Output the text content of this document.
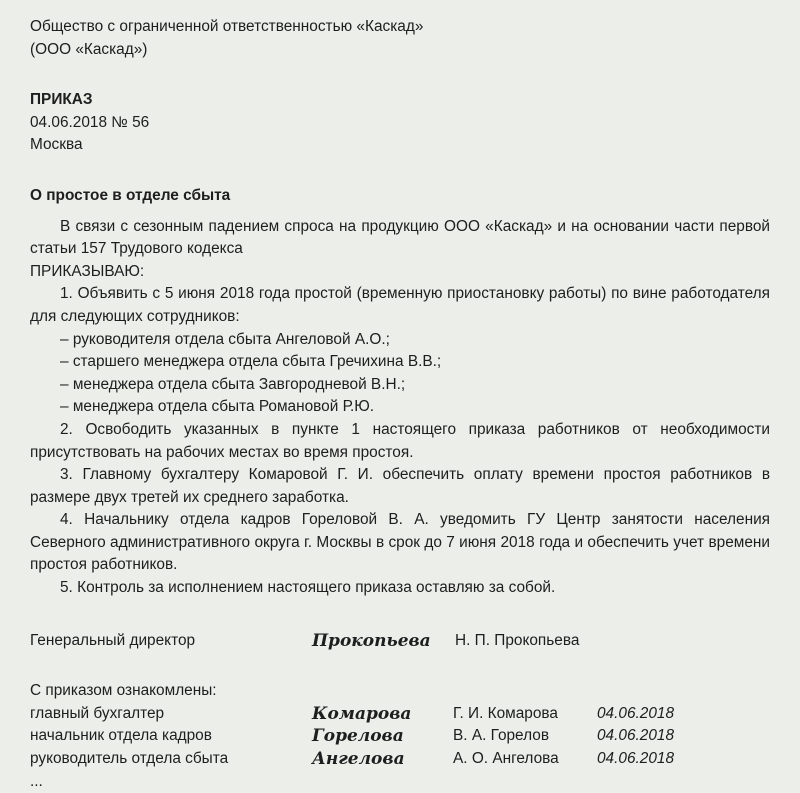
Общество с ограниченной ответственностью «Каскад»
(ООО «Каскад»)
ПРИКАЗ
04.06.2018 № 56
Москва
О простое в отделе сбыта
В связи с сезонным падением спроса на продукцию ООО «Каскад» и на основании части первой статьи 157 Трудового кодекса
ПРИКАЗЫВАЮ:
1. Объявить с 5 июня 2018 года простой (временную приостановку работы) по вине работодателя для следующих сотрудников:
– руководителя отдела сбыта Ангеловой А.О.;
– старшего менеджера отдела сбыта Гречихина В.В.;
– менеджера отдела сбыта Завгородневой В.Н.;
– менеджера отдела сбыта Романовой Р.Ю.
2. Освободить указанных в пункте 1 настоящего приказа работников от необходимости присутствовать на рабочих местах во время простоя.
3. Главному бухгалтеру Комаровой Г. И. обеспечить оплату времени простоя работников в размере двух третей их среднего заработка.
4. Начальнику отдела кадров Гореловой В. А. уведомить ГУ Центр занятости населения Северного административного округа г. Москвы в срок до 7 июня 2018 года и обеспечить учет времени простоя работников.
5. Контроль за исполнением настоящего приказа оставляю за собой.
Генеральный директор	Прокопьева Н. П. Прокопьева
С приказом ознакомлены:
главный бухгалтер	Комарова	Г. И. Комарова	04.06.2018
начальник отдела кадров	Горелова	В. А. Горелов	04.06.2018
руководитель отдела сбыта	Ангелова	А. О. Ангелова 04.06.2018
...
